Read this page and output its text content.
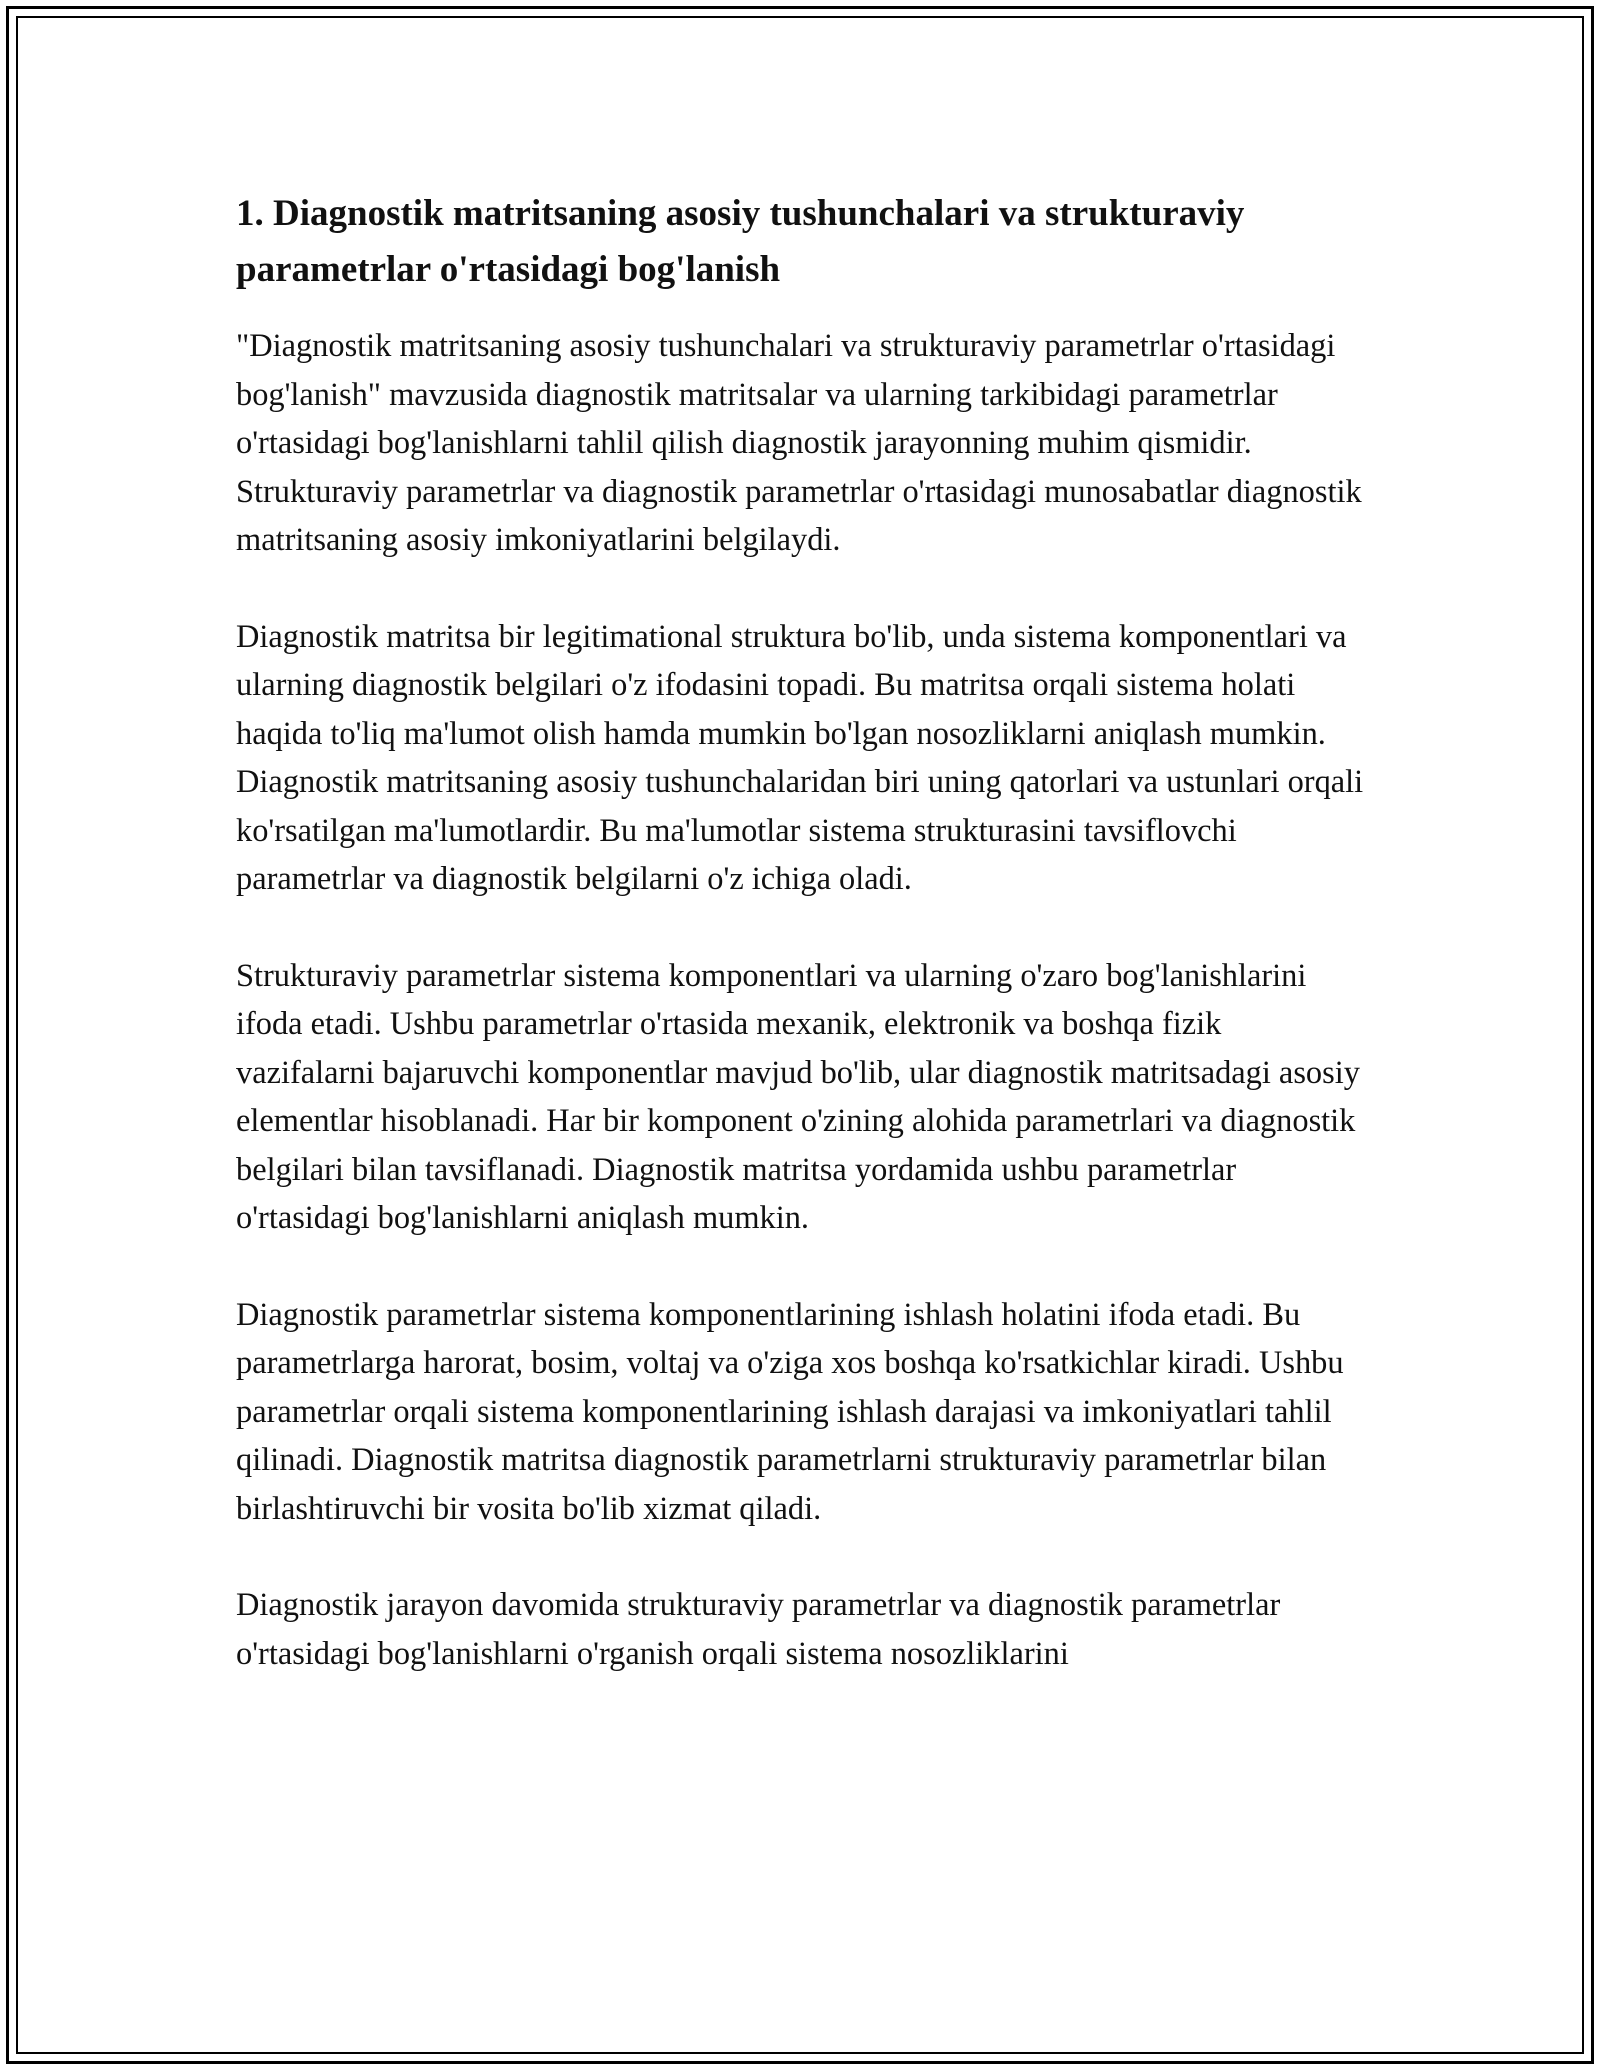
1. Diagnostik matritsaning asosiy tushunchalari va strukturaviy parametrlar o'rtasidagi bog'lanish

"Diagnostik matritsaning asosiy tushunchalari va strukturaviy parametrlar o'rtasidagi bog'lanish" mavzusida diagnostik matritsalar va ularning tarkibidagi parametrlar o'rtasidagi bog'lanishlarni tahlil qilish diagnostik jarayonning muhim qismidir. Strukturaviy parametrlar va diagnostik parametrlar o'rtasidagi munosabatlar diagnostik matritsaning asosiy imkoniyatlarini belgilaydi.

Diagnostik matritsa bir legitimational struktura bo'lib, unda sistema komponentlari va ularning diagnostik belgilari o'z ifodasini topadi. Bu matritsa orqali sistema holati haqida to'liq ma'lumot olish hamda mumkin bo'lgan nosozliklarni aniqlash mumkin. Diagnostik matritsaning asosiy tushunchalaridan biri uning qatorlari va ustunlari orqali ko'rsatilgan ma'lumotlardir. Bu ma'lumotlar sistema strukturasini tavsiflovchi parametrlar va diagnostik belgilarni o'z ichiga oladi.

Strukturaviy parametrlar sistema komponentlari va ularning o'zaro bog'lanishlarini ifoda etadi. Ushbu parametrlar o'rtasida mexanik, elektronik va boshqa fizik vazifalarni bajaruvchi komponentlar mavjud bo'lib, ular diagnostik matritsadagi asosiy elementlar hisoblanadi. Har bir komponent o'zining alohida parametrlari va diagnostik belgilari bilan tavsiflanadi. Diagnostik matritsa yordamida ushbu parametrlar o'rtasidagi bog'lanishlarni aniqlash mumkin.

Diagnostik parametrlar sistema komponentlarining ishlash holatini ifoda etadi. Bu parametrlarga harorat, bosim, voltaj va o'ziga xos boshqa ko'rsatkichlar kiradi. Ushbu parametrlar orqali sistema komponentlarining ishlash darajasi va imkoniyatlari tahlil qilinadi. Diagnostik matritsa diagnostik parametrlarni strukturaviy parametrlar bilan birlashtiruvchi bir vosita bo'lib xizmat qiladi.

Diagnostik jarayon davomida strukturaviy parametrlar va diagnostik parametrlar o'rtasidagi bog'lanishlarni o'rganish orqali sistema nosozliklarini
